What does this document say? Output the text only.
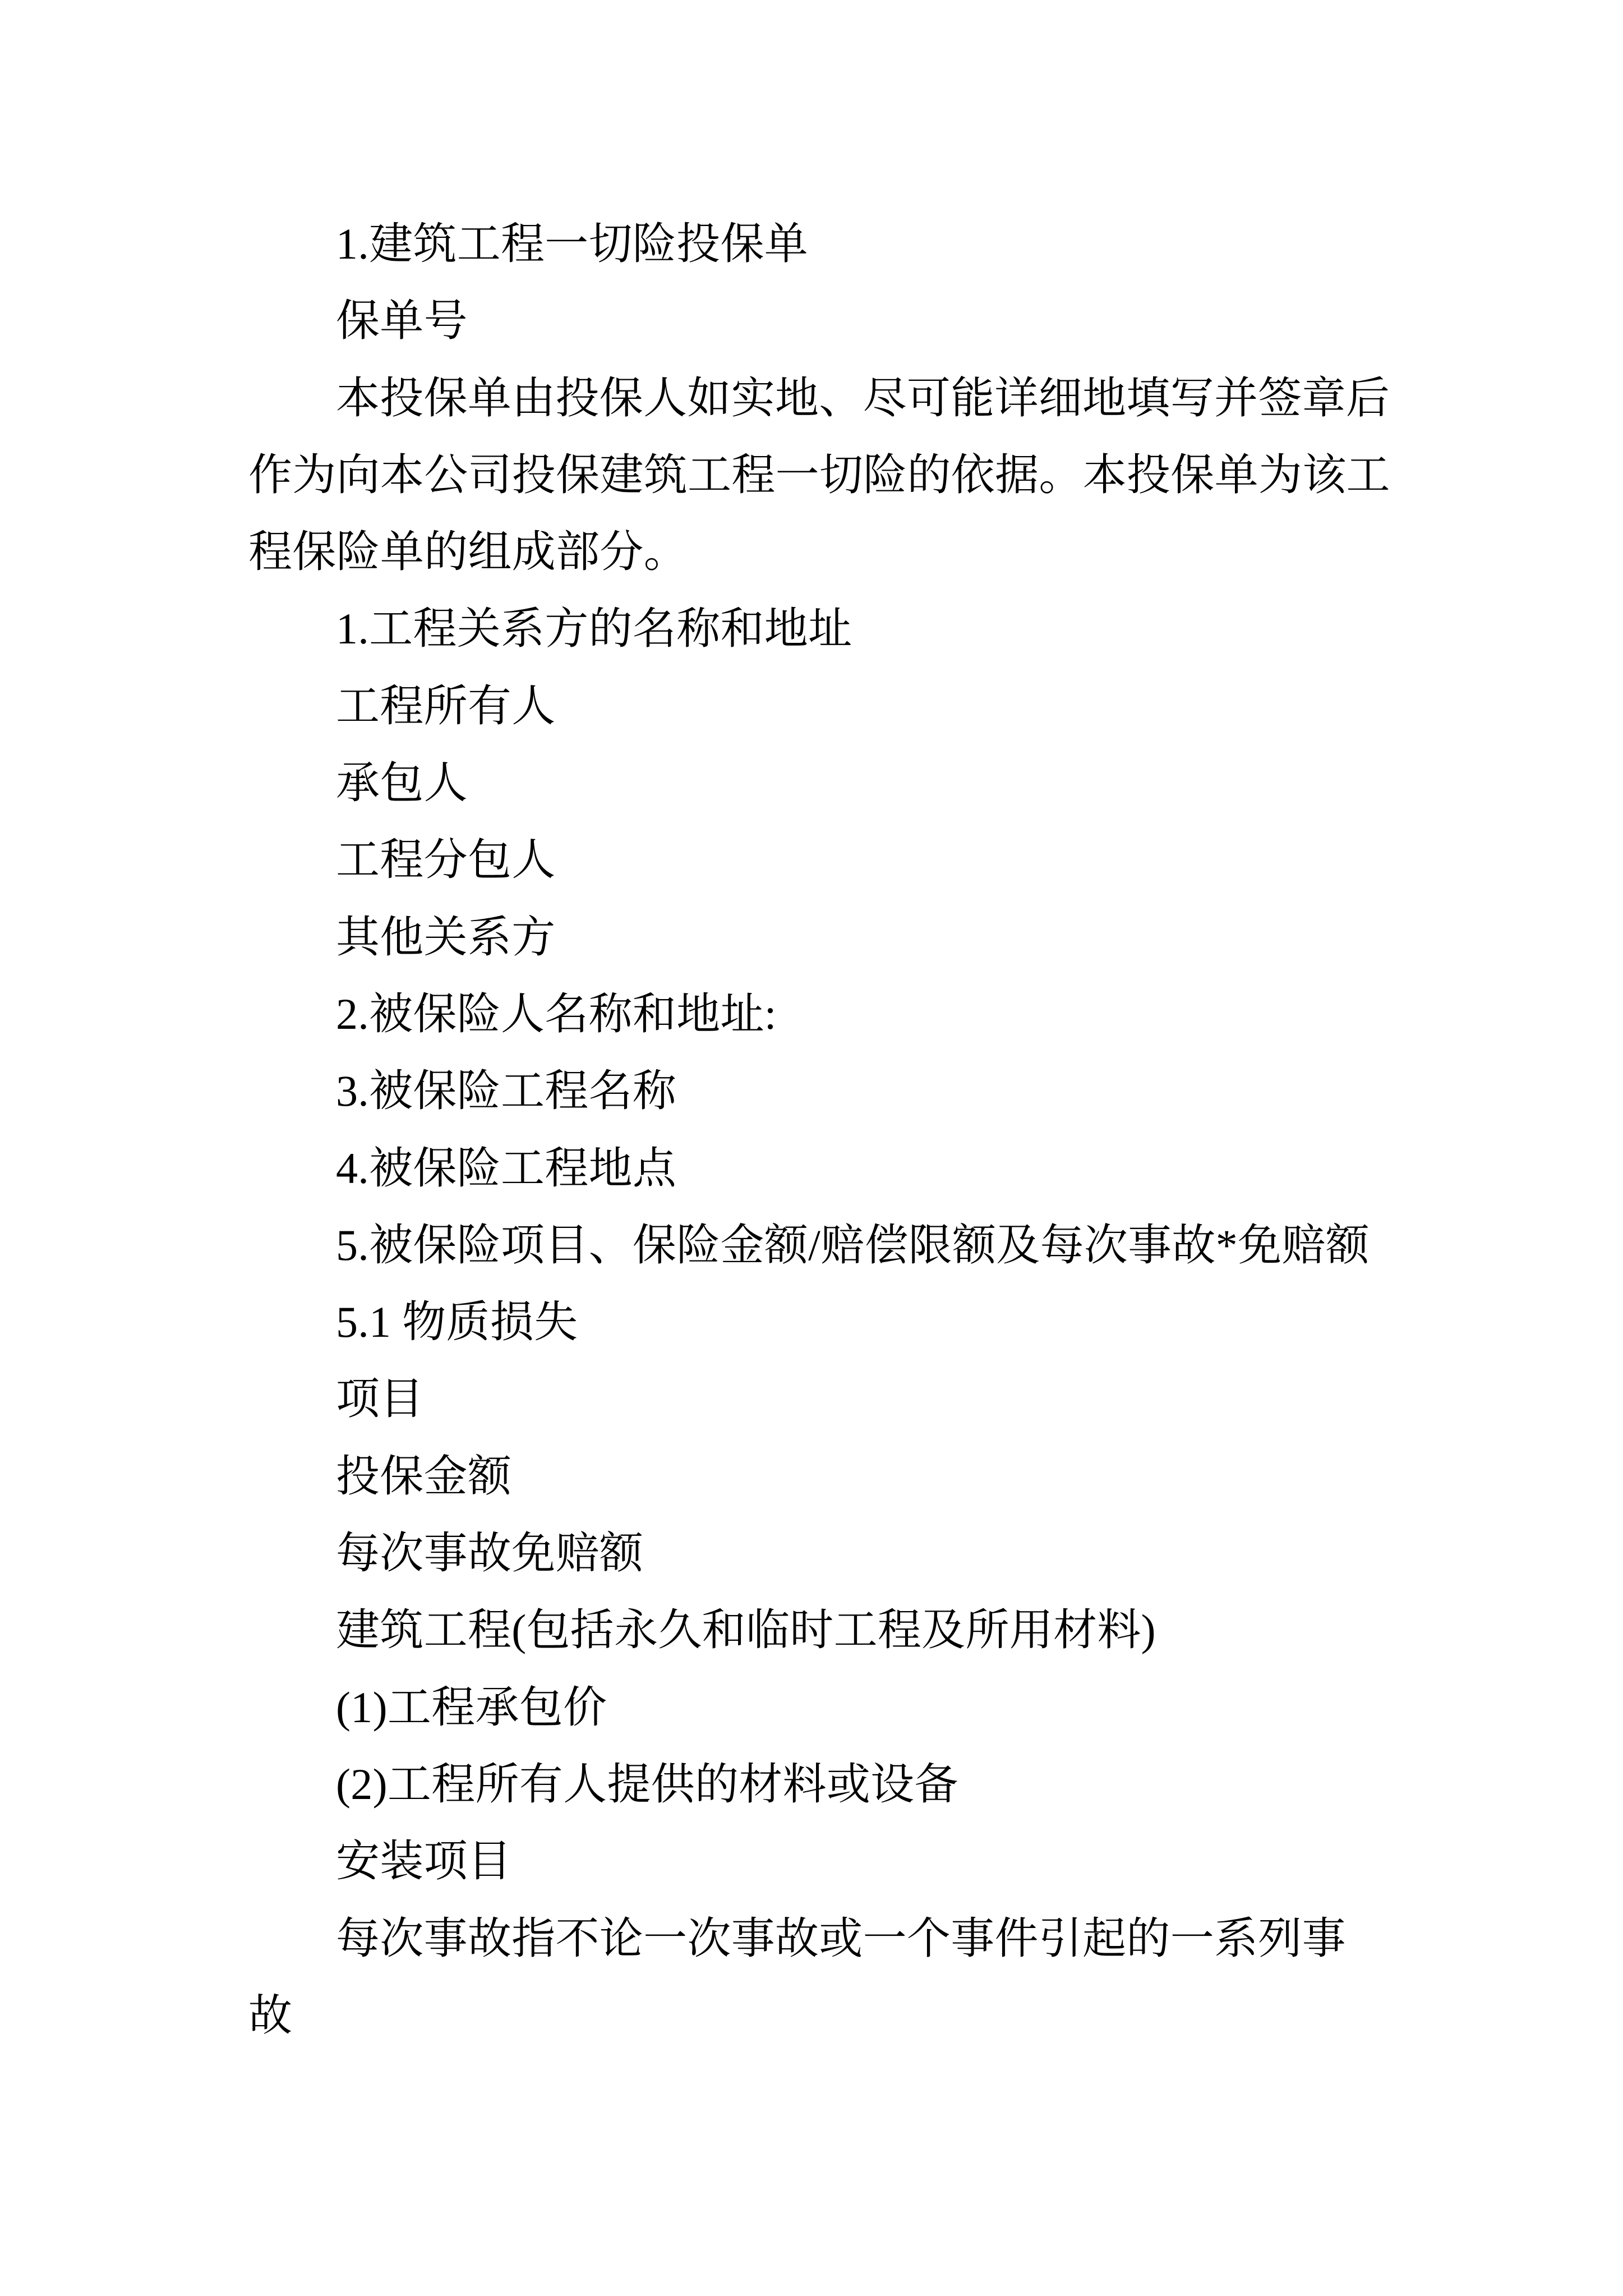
1.建筑工程一切险投保单
保单号
本投保单由投保人如实地、尽可能详细地填写并签章后
作为向本公司投保建筑工程一切险的依据。本投保单为该工
程保险单的组成部分。
1.工程关系方的名称和地址
工程所有人
承包人
工程分包人
其他关系方
2.被保险人名称和地址:
3.被保险工程名称
4.被保险工程地点
5.被保险项目、保险金额/赔偿限额及每次事故*免赔额
5.1 物质损失
项目
投保金额
每次事故免赔额
建筑工程(包括永久和临时工程及所用材料)
(1)工程承包价
(2)工程所有人提供的材料或设备
安装项目
每次事故指不论一次事故或一个事件引起的一系列事
故
